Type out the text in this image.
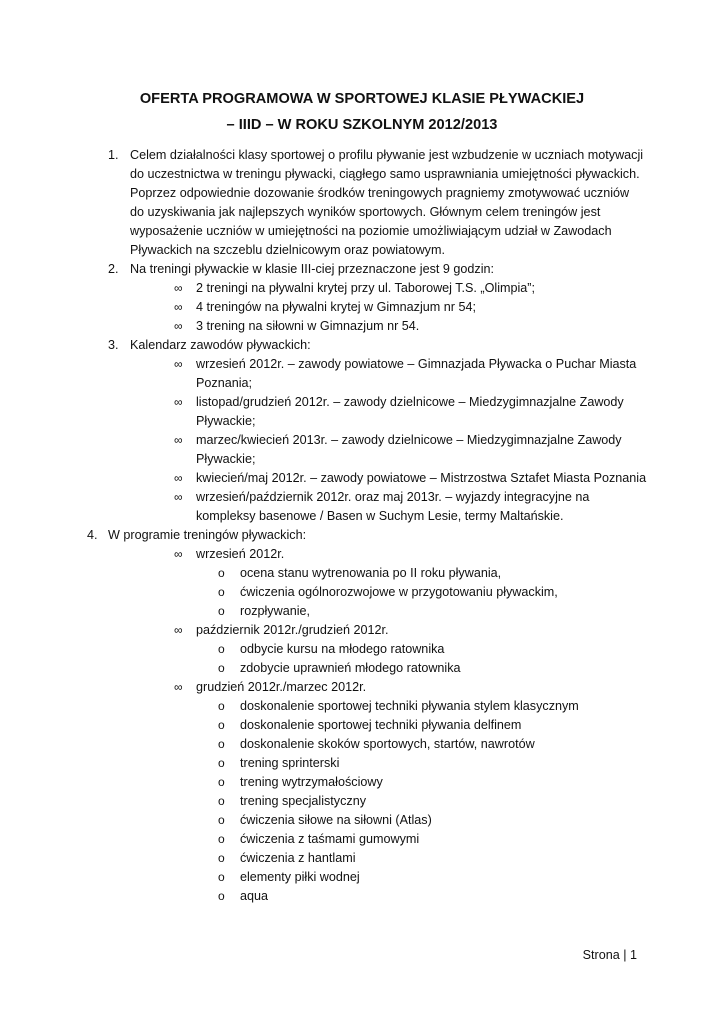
OFERTA PROGRAMOWA W SPORTOWEJ KLASIE PŁYWACKIEJ
– IIID – W ROKU SZKOLNYM 2012/2013
1. Celem działalności klasy sportowej o profilu pływanie jest wzbudzenie w uczniach motywacji
do uczestnictwa w treningu pływacki, ciągłego samo usprawniania umiejętności pływackich.
Poprzez odpowiednie dozowanie środków treningowych pragniemy zmotywować uczniów
do uzyskiwania jak najlepszych wyników sportowych. Głównym celem treningów jest
wyposażenie uczniów w umiejętności na poziomie umożliwiającym udział w Zawodach
Pływackich na szczeblu dzielnicowym oraz powiatowym.
2. Na treningi pływackie w klasie III-ciej przeznaczone jest 9 godzin:
∞ 2 treningi na pływalni krytej przy ul. Taborowej T.S. „Olimpia”;
∞ 4 treningów na pływalni krytej w Gimnazjum nr 54;
∞ 3 trening na siłowni w Gimnazjum nr 54.
3. Kalendarz zawodów pływackich:
∞ wrzesień 2012r. – zawody powiatowe – Gimnazjada Pływacka o Puchar Miasta
Poznania;
∞ listopad/grudzień 2012r. – zawody dzielnicowe – Miedzygimnazjalne Zawody
Pływackie;
∞ marzec/kwiecień 2013r. – zawody dzielnicowe – Miedzygimnazjalne Zawody
Pływackie;
∞ kwiecień/maj 2012r. – zawody powiatowe – Mistrzostwa Sztafet Miasta Poznania
∞ wrzesień/październik 2012r. oraz maj 2013r. – wyjazdy integracyjne na
kompleksy basenowe / Basen w Suchym Lesie, termy Maltańskie.
4. W programie treningów pływackich:
∞ wrzesień 2012r.
o ocena stanu wytrenowania po II roku pływania,
o ćwiczenia ogólnorozwojowe w przygotowaniu pływackim,
o rozpływanie,
∞ październik 2012r./grudzień 2012r.
o odbycie kursu na młodego ratownika
o zdobycie uprawnień młodego ratownika
∞ grudzień 2012r./marzec 2012r.
o doskonalenie sportowej techniki pływania stylem klasycznym
o doskonalenie sportowej techniki pływania delfinem
o doskonalenie skoków sportowych, startów, nawrotów
o trening sprinterski
o trening wytrzymałościowy
o trening specjalistyczny
o ćwiczenia siłowe na siłowni (Atlas)
o ćwiczenia z taśmami gumowymi
o ćwiczenia z hantlami
o elementy piłki wodnej
o aqua
Strona | 1
